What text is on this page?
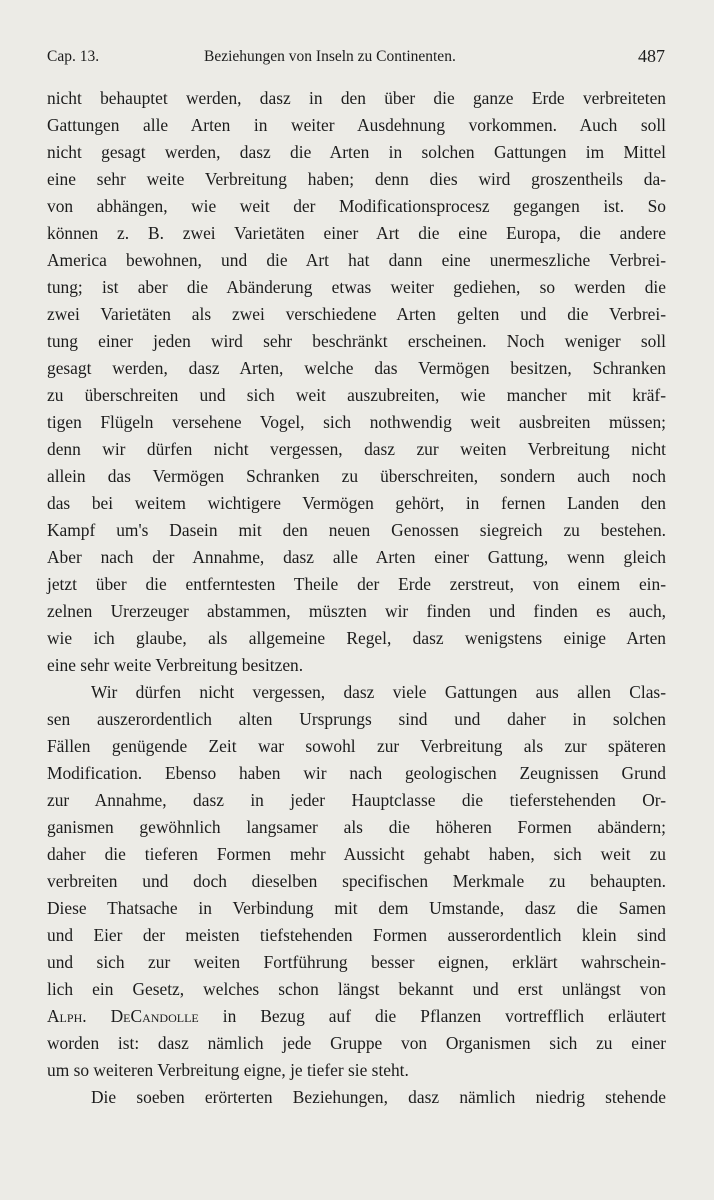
Cap. 13.	Beziehungen von Inseln zu Continenten.	487
nicht behauptet werden, dasz in den über die ganze Erde verbreiteten
Gattungen alle Arten in weiter Ausdehnung vorkommen. Auch soll
nicht gesagt werden, dasz die Arten in solchen Gattungen im Mittel
eine sehr weite Verbreitung haben; denn dies wird groszentheils da-
von abhängen, wie weit der Modificationsprocesz gegangen ist. So
können z. B. zwei Varietäten einer Art die eine Europa, die andere
America bewohnen, und die Art hat dann eine unermeszliche Verbrei-
tung; ist aber die Abänderung etwas weiter gediehen, so werden die
zwei Varietäten als zwei verschiedene Arten gelten und die Verbrei-
tung einer jeden wird sehr beschränkt erscheinen. Noch weniger soll
gesagt werden, dasz Arten, welche das Vermögen besitzen, Schranken
zu überschreiten und sich weit auszubreiten, wie mancher mit kräf-
tigen Flügeln versehene Vogel, sich nothwendig weit ausbreiten müssen;
denn wir dürfen nicht vergessen, dasz zur weiten Verbreitung nicht
allein das Vermögen Schranken zu überschreiten, sondern auch noch
das bei weitem wichtigere Vermögen gehört, in fernen Landen den
Kampf um's Dasein mit den neuen Genossen siegreich zu bestehen.
Aber nach der Annahme, dasz alle Arten einer Gattung, wenn gleich
jetzt über die entferntesten Theile der Erde zerstreut, von einem ein-
zelnen Urerzeuger abstammen, müszten wir finden und finden es auch,
wie ich glaube, als allgemeine Regel, dasz wenigstens einige Arten
eine sehr weite Verbreitung besitzen.
Wir dürfen nicht vergessen, dasz viele Gattungen aus allen Clas-
sen auszerordentlich alten Ursprungs sind und daher in solchen
Fällen genügende Zeit war sowohl zur Verbreitung als zur späteren
Modification. Ebenso haben wir nach geologischen Zeugnissen Grund
zur Annahme, dasz in jeder Hauptclasse die tieferstehenden Or-
ganismen gewöhnlich langsamer als die höheren Formen abändern;
daher die tieferen Formen mehr Aussicht gehabt haben, sich weit zu
verbreiten und doch dieselben specifischen Merkmale zu behaupten.
Diese Thatsache in Verbindung mit dem Umstande, dasz die Samen
und Eier der meisten tiefstehenden Formen ausserordentlich klein sind
und sich zur weiten Fortführung besser eignen, erklärt wahrschein-
lich ein Gesetz, welches schon längst bekannt und erst unlängst von
Alph. DeCandolle in Bezug auf die Pflanzen vortrefflich erläutert
worden ist: dasz nämlich jede Gruppe von Organismen sich zu einer
um so weiteren Verbreitung eigne, je tiefer sie steht.
Die soeben erörterten Beziehungen, dasz nämlich niedrig stehende
